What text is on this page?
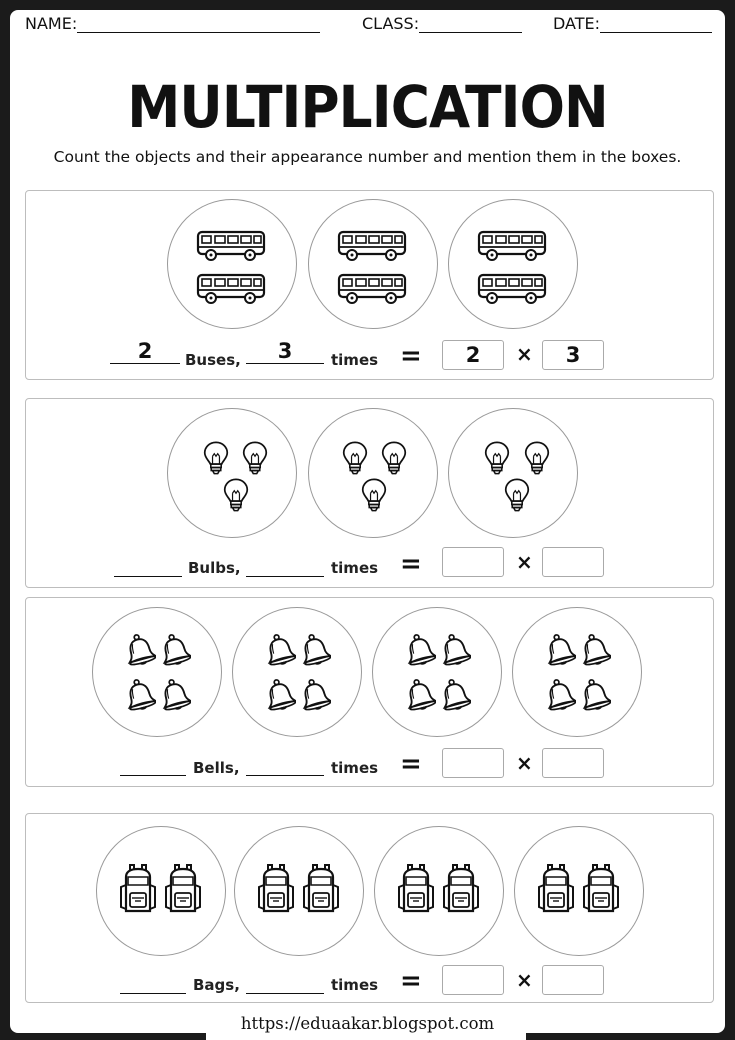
NAME:	CLASS:	DATE:
MULTIPLICATION
Count the objects and their appearance number and mention them in the boxes.
2	Buses,	3	times =	2	×	3
Bulbs,	times =	×
Bells,	times =	×
Bags,	times =	×
https://eduaakar.blogspot.com
